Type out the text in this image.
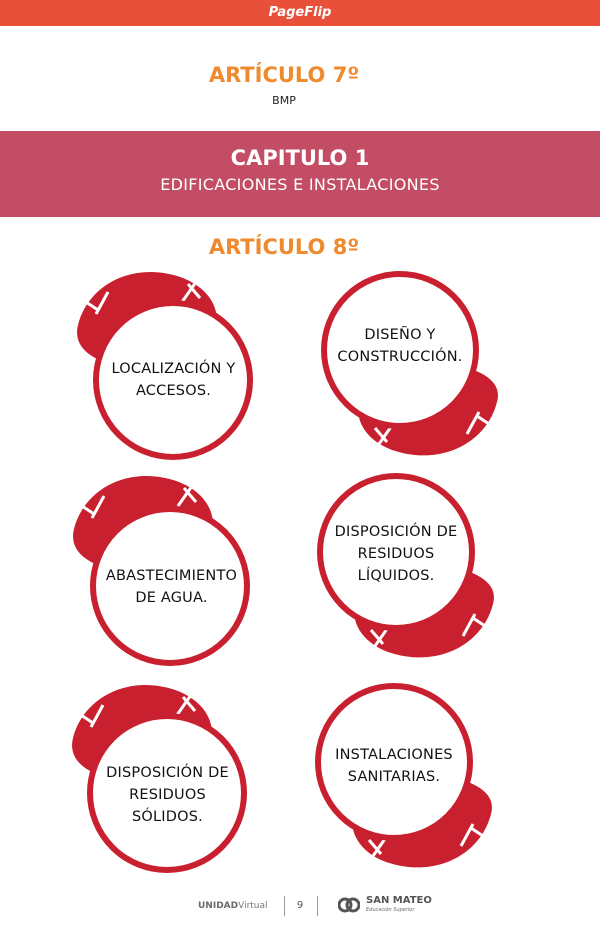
PageFlip
ARTÍCULO 7º
BMP
CAPITULO 1
EDIFICACIONES E INSTALACIONES
ARTÍCULO 8º
LOCALIZACIÓN Y
ACCESOS.
ABASTECIMIENTO
DE AGUA.
DISPOSICIÓN DE
RESIDUOS
SÓLIDOS.
DISEÑO Y
CONSTRUCCIÓN.
DISPOSICIÓN DE
RESIDUOS
LÍQUIDOS.
INSTALACIONES
SANITARIAS.
UNIDADVirtual	9	SAN MATEO
Educación Superior
